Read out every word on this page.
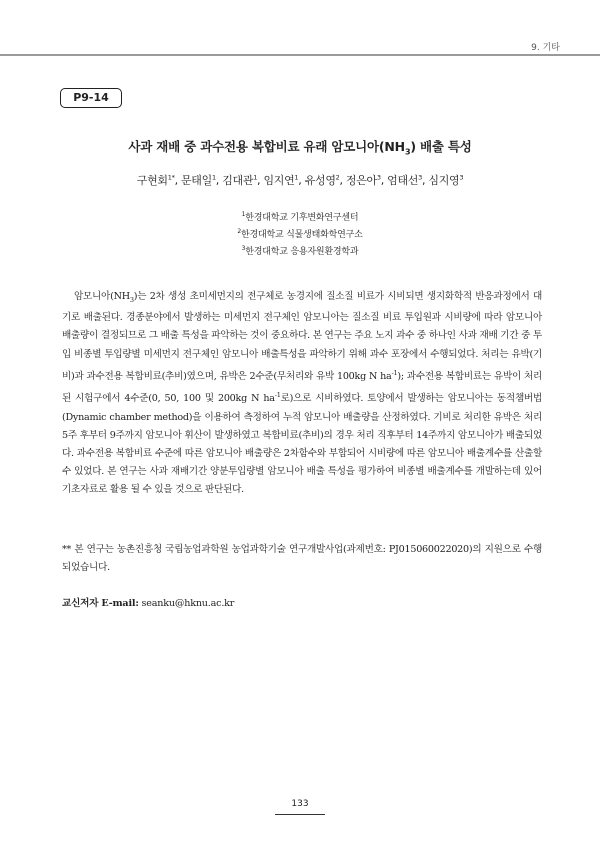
9. 기타
P9-14
사과 재배 중 과수전용 복합비료 유래 암모니아$(NH_3)$ 배출 특성
구현회$^{1*}$, 문태일$^1$, 김대관$^1$, 임지연$^1$, 유성영$^2$, 정은아$^3$, 엄태선$^3$, 심지영$^3$
$^1$한경대학교 기후변화연구센터
$^2$한경대학교 식물생태화학연구소
$^3$한경대학교 응용자원환경학과

암모니아$(NH_3)$는 2차 생성 초미세먼지의 전구체로 농경지에 질소질 비료가 시비되면 생지화학적 반응과정에서 대기로 배출된다. 경종분야에서 발생하는 미세먼지 전구체인 암모니아는 질소질 비료 투입원과 시비량에 따라 암모니아 배출량이 결정되므로 그 배출 특성을 파악하는 것이 중요하다. 본 연구는 주요 노지 과수 중 하나인 사과 재배 기간 중 투입 비종별 투입량별 미세먼지 전구체인 암모니아 배출특성을 파악하기 위해 과수 포장에서 수행되었다. 처리는 유박(기비)과 과수전용 복합비료(추비)였으며, 유박은 2수준(무처리와 유박 100kg N $ha^{-1}$); 과수전용 복합비료는 유박이 처리된 시험구에서 4수준(0, 50, 100 및 200kg N $ha^{-1}$로)으로 시비하였다. 토양에서 발생하는 암모니아는 동적챔버법(Dynamic chamber method)을 이용하여 측정하여 누적 암모니아 배출량을 산정하였다. 기비로 처리한 유박은 처리 5주 후부터 9주까지 암모니아 휘산이 발생하였고 복합비료(추비)의 경우 처리 직후부터 14주까지 암모니아가 배출되었다. 과수전용 복합비료 수준에 따른 암모니아 배출량은 2차함수와 부합되어 시비량에 따른 암모니아 배출계수를 산출할 수 있었다. 본 연구는 사과 재배기간 양분투입량별 암모니아 배출 특성을 평가하여 비종별 배출계수를 개발하는데 있어 기초자료로 활용 될 수 있을 것으로 판단된다.

** 본 연구는 농촌진흥청 국립농업과학원 농업과학기술 연구개발사업(과제번호: PJ015060022020)의 지원으로 수행되었습니다.

교신저자 E-mail: seanku@hknu.ac.kr
133
